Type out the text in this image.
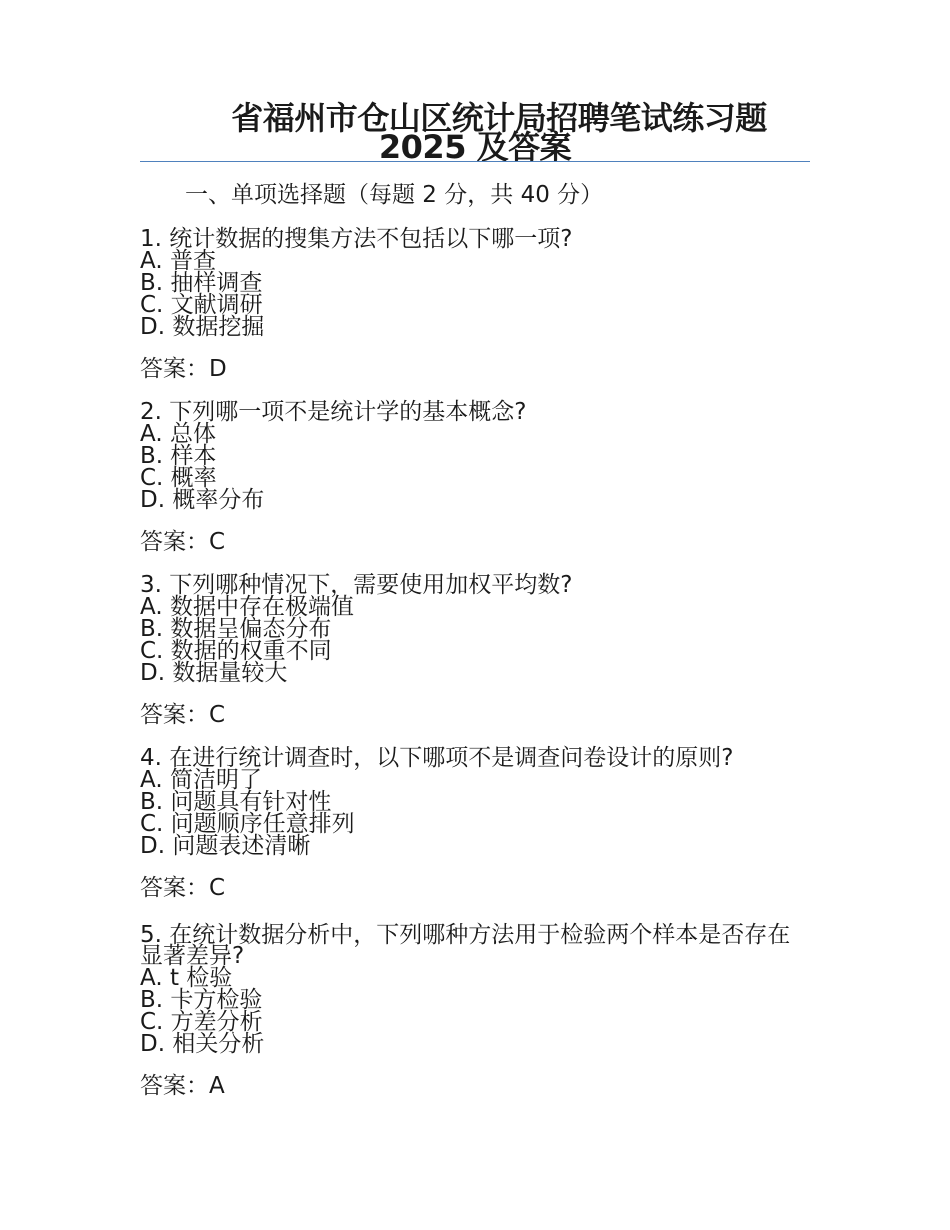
省福州市仓山区统计局招聘笔试练习题
2025 及答案
一、单项选择题（每题 2 分，共 40 分）

1. 统计数据的搜集方法不包括以下哪一项?

A. 普查
B. 抽样调查
C. 文献调研
D. 数据挖掘
答案：D

2. 下列哪一项不是统计学的基本概念?

A. 总体
B. 样本
C. 概率
D. 概率分布
答案：C

3. 下列哪种情况下，需要使用加权平均数?

A. 数据中存在极端值
B. 数据呈偏态分布
C. 数据的权重不同
D. 数据量较大
答案：C

4. 在进行统计调查时，以下哪项不是调查问卷设计的原则?

A. 简洁明了
B. 问题具有针对性
C. 问题顺序任意排列
D. 问题表述清晰
答案：C

5. 在统计数据分析中，下列哪种方法用于检验两个样本是否存在显著差异?

A. t 检验
B. 卡方检验
C. 方差分析
D. 相关分析
答案：A
